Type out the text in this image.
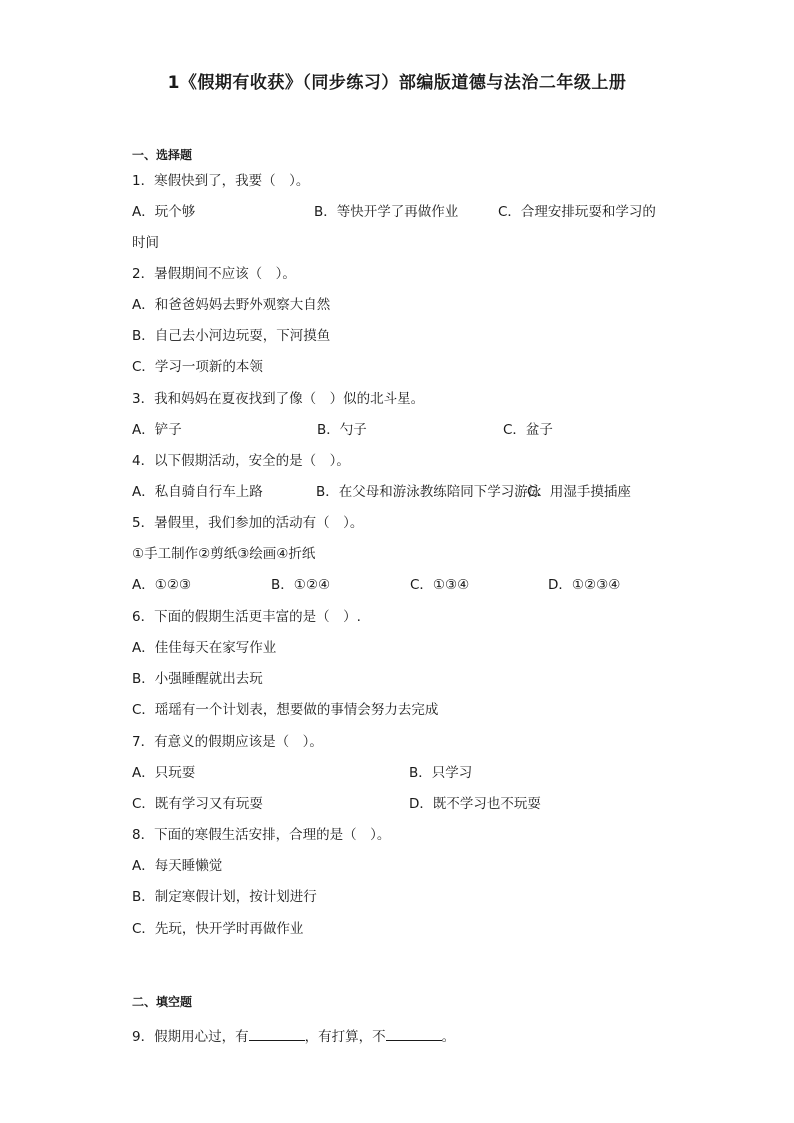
1《假期有收获》（同步练习）部编版道德与法治二年级上册
一、选择题
1．寒假快到了，我要（　）。
A．玩个够	B．等快开学了再做作业	C．合理安排玩耍和学习的
时间
2．暑假期间不应该（　）。
A．和爸爸妈妈去野外观察大自然
B．自己去小河边玩耍，下河摸鱼
C．学习一项新的本领
3．我和妈妈在夏夜找到了像（　）似的北斗星。
A．铲子	B．勺子	C．盆子
4．以下假期活动，安全的是（　）。
A．私自骑自行车上路	B．在父母和游泳教练陪同下学习游泳
C．用湿手摸插座
5．暑假里，我们参加的活动有（　）。
①手工制作②剪纸③绘画④折纸
A．①②③	B．①②④	C．①③④	D．①②③④
6．下面的假期生活更丰富的是（　）.
A．佳佳每天在家写作业
B．小强睡醒就出去玩
C．瑶瑶有一个计划表，想要做的事情会努力去完成
7．有意义的假期应该是（　）。
A．只玩耍	B．只学习
C．既有学习又有玩耍	D．既不学习也不玩耍
8．下面的寒假生活安排，合理的是（　）。
A．每天睡懒觉
B．制定寒假计划，按计划进行
C．先玩，快开学时再做作业
二、填空题
9．假期用心过，有	，有打算，不	。
